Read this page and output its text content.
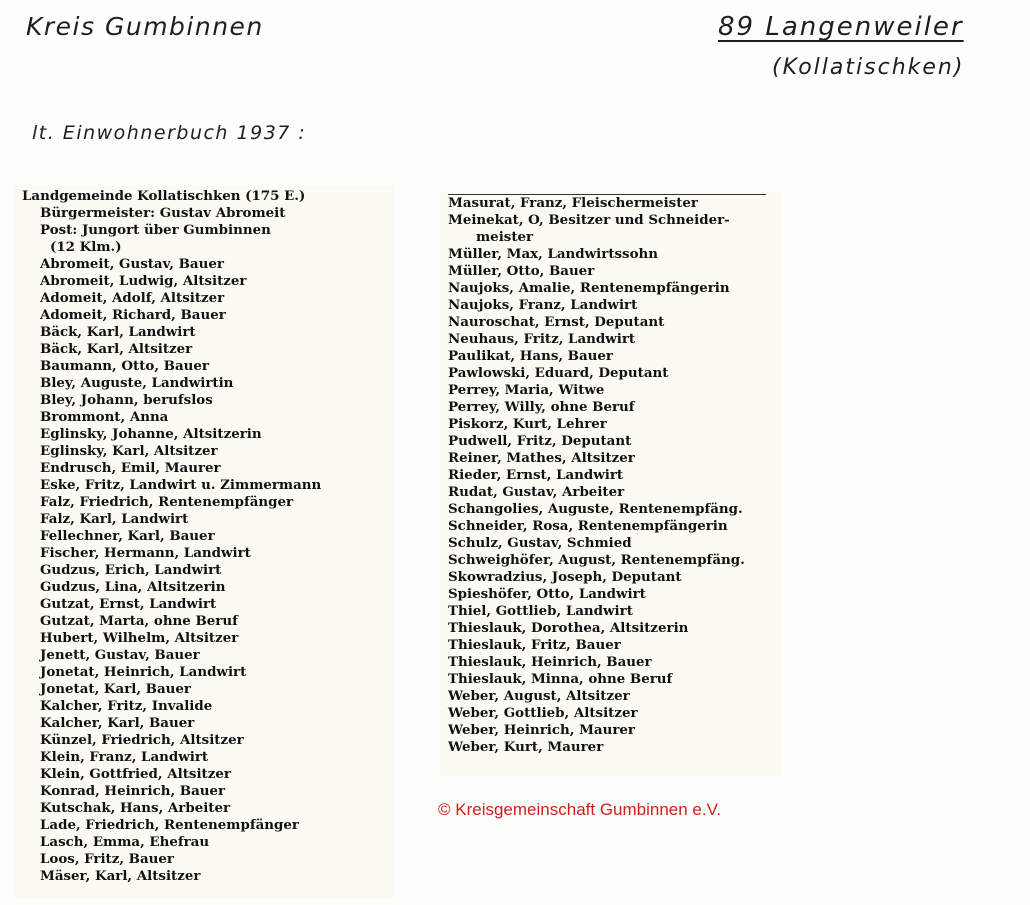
Kreis Gumbinnen	89 Langenweiler
(Kollatischken)
lt. Einwohnerbuch 1937 :
Landgemeinde Kollatischken (175 E.)
Bürgermeister: Gustav Abromeit
Post: Jungort über Gumbinnen
(12 Klm.)
Abromeit, Gustav, Bauer
Abromeit, Ludwig, Altsitzer
Adomeit, Adolf, Altsitzer
Adomeit, Richard, Bauer
Bäck, Karl, Landwirt
Bäck, Karl, Altsitzer
Baumann, Otto, Bauer
Bley, Auguste, Landwirtin
Bley, Johann, berufslos
Brommont, Anna
Eglinsky, Johanne, Altsitzerin
Eglinsky, Karl, Altsitzer
Endrusch, Emil, Maurer
Eske, Fritz, Landwirt u. Zimmermann
Falz, Friedrich, Rentenempfänger
Falz, Karl, Landwirt
Fellechner, Karl, Bauer
Fischer, Hermann, Landwirt
Gudzus, Erich, Landwirt
Gudzus, Lina, Altsitzerin
Gutzat, Ernst, Landwirt
Gutzat, Marta, ohne Beruf
Hubert, Wilhelm, Altsitzer
Jenett, Gustav, Bauer
Jonetat, Heinrich, Landwirt
Jonetat, Karl, Bauer
Kalcher, Fritz, Invalide
Kalcher, Karl, Bauer
Künzel, Friedrich, Altsitzer
Klein, Franz, Landwirt
Klein, Gottfried, Altsitzer
Konrad, Heinrich, Bauer
Kutschak, Hans, Arbeiter
Lade, Friedrich, Rentenempfänger
Lasch, Emma, Ehefrau
Loos, Fritz, Bauer
Mäser, Karl, Altsitzer
Masurat, Franz, Fleischermeister
Meinekat, O, Besitzer und Schneider-
meister
Müller, Max, Landwirtssohn
Müller, Otto, Bauer
Naujoks, Amalie, Rentenempfängerin
Naujoks, Franz, Landwirt
Nauroschat, Ernst, Deputant
Neuhaus, Fritz, Landwirt
Paulikat, Hans, Bauer
Pawlowski, Eduard, Deputant
Perrey, Maria, Witwe
Perrey, Willy, ohne Beruf
Piskorz, Kurt, Lehrer
Pudwell, Fritz, Deputant
Reiner, Mathes, Altsitzer
Rieder, Ernst, Landwirt
Rudat, Gustav, Arbeiter
Schangolies, Auguste, Rentenempfäng.
Schneider, Rosa, Rentenempfängerin
Schulz, Gustav, Schmied
Schweighöfer, August, Rentenempfäng.
Skowradzius, Joseph, Deputant
Spieshöfer, Otto, Landwirt
Thiel, Gottlieb, Landwirt
Thieslauk, Dorothea, Altsitzerin
Thieslauk, Fritz, Bauer
Thieslauk, Heinrich, Bauer
Thieslauk, Minna, ohne Beruf
Weber, August, Altsitzer
Weber, Gottlieb, Altsitzer
Weber, Heinrich, Maurer
Weber, Kurt, Maurer
© Kreisgemeinschaft Gumbinnen e.V.
